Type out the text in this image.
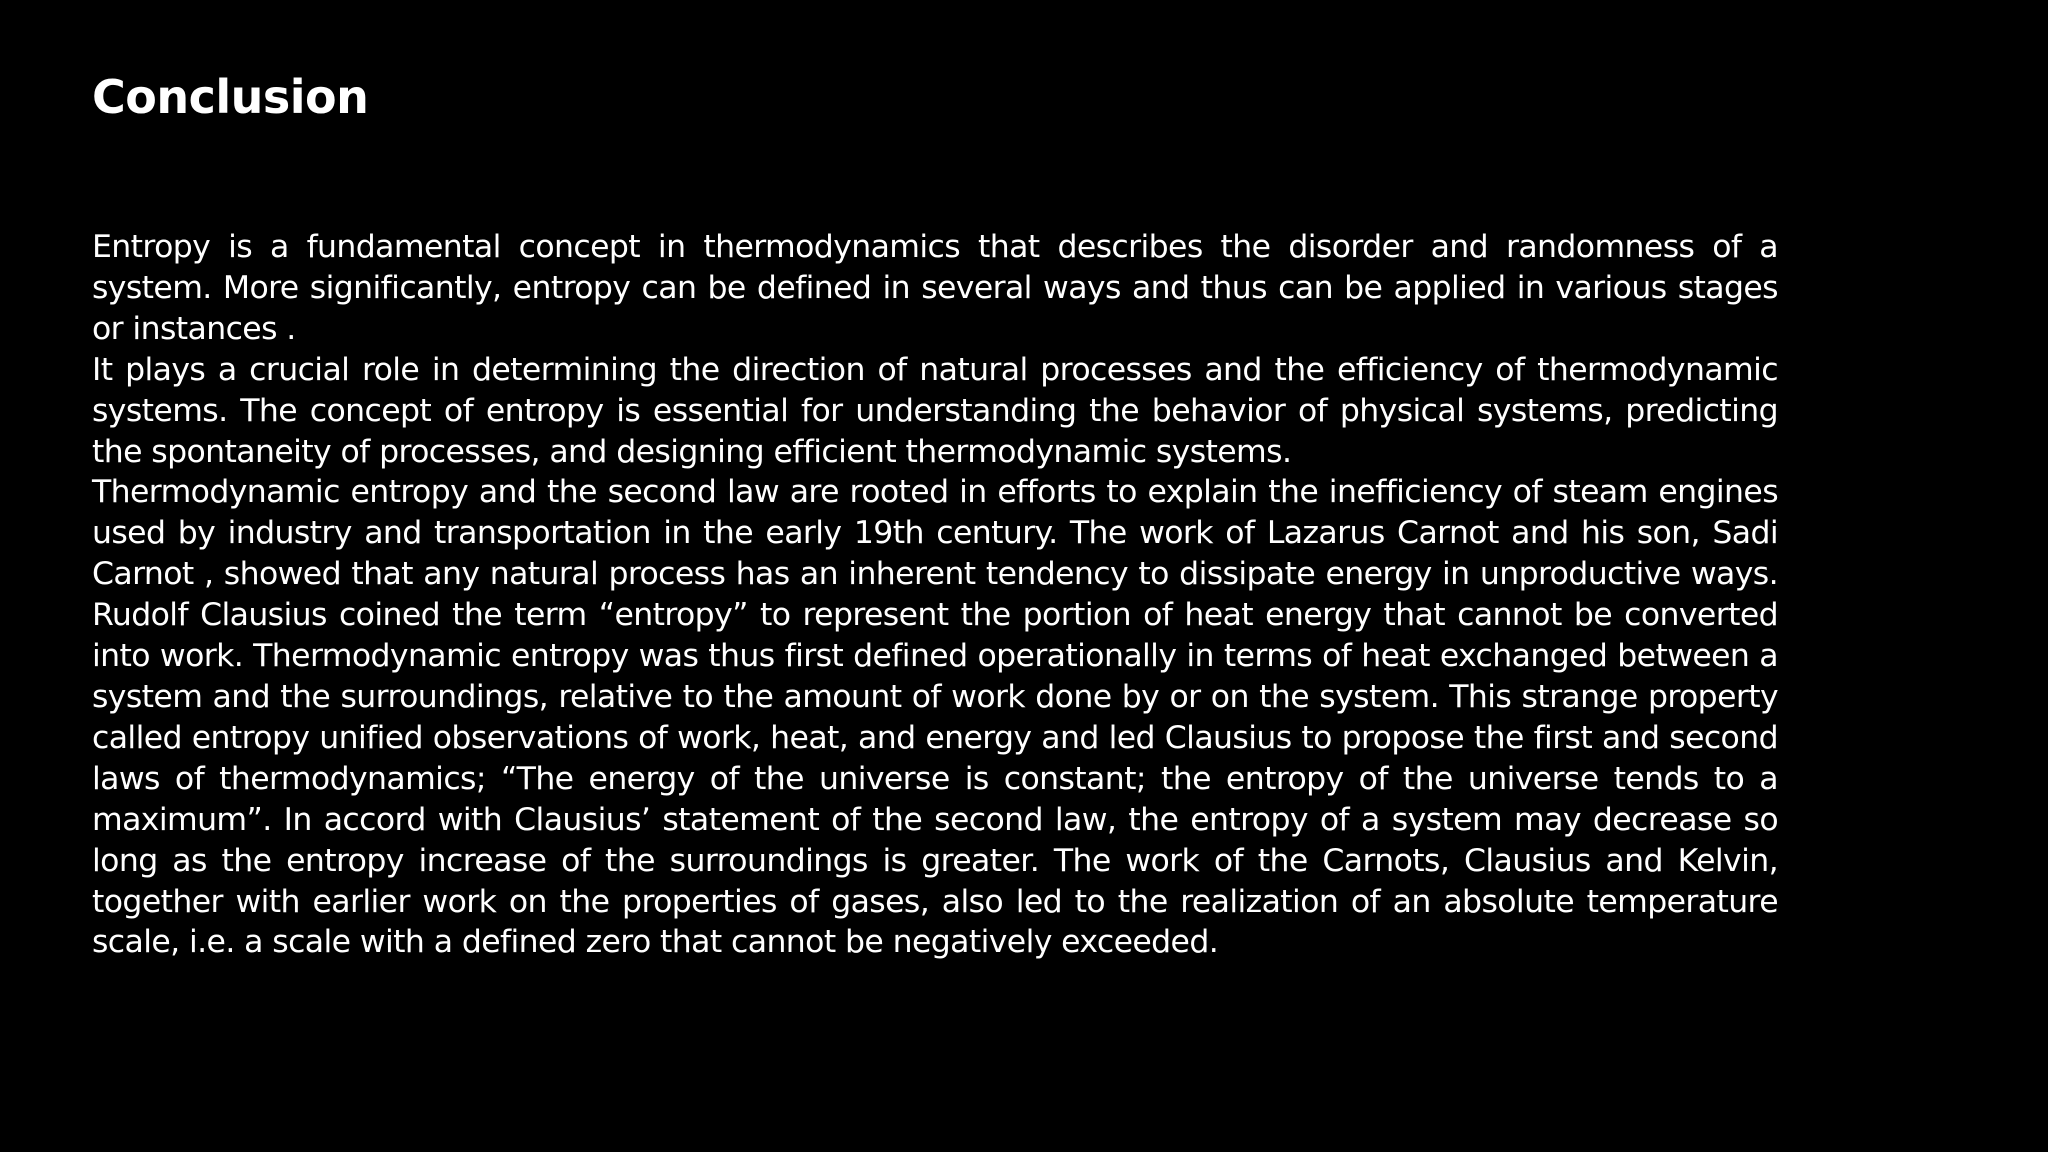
Conclusion

Entropy is a fundamental concept in thermodynamics that describes the disorder and randomness of a system. More significantly, entropy can be defined in several ways and thus can be applied in various stages or instances .

It plays a crucial role in determining the direction of natural processes and the efficiency of thermodynamic systems. The concept of entropy is essential for understanding the behavior of physical systems, predicting the spontaneity of processes, and designing efficient thermodynamic systems.

Thermodynamic entropy and the second law are rooted in efforts to explain the inefficiency of steam engines used by industry and transportation in the early 19th century. The work of Lazarus Carnot and his son, Sadi Carnot , showed that any natural process has an inherent tendency to dissipate energy in unproductive ways. Rudolf Clausius coined the term “entropy” to represent the portion of heat energy that cannot be converted into work. Thermodynamic entropy was thus first defined operationally in terms of heat exchanged between a system and the surroundings, relative to the amount of work done by or on the system. This strange property called entropy unified observations of work, heat, and energy and led Clausius to propose the first and second laws of thermodynamics; “The energy of the universe is constant; the entropy of the universe tends to a maximum”. In accord with Clausius’ statement of the second law, the entropy of a system may decrease so long as the entropy increase of the surroundings is greater. The work of the Carnots, Clausius and Kelvin, together with earlier work on the properties of gases, also led to the realization of an absolute temperature scale, i.e. a scale with a defined zero that cannot be negatively exceeded.
